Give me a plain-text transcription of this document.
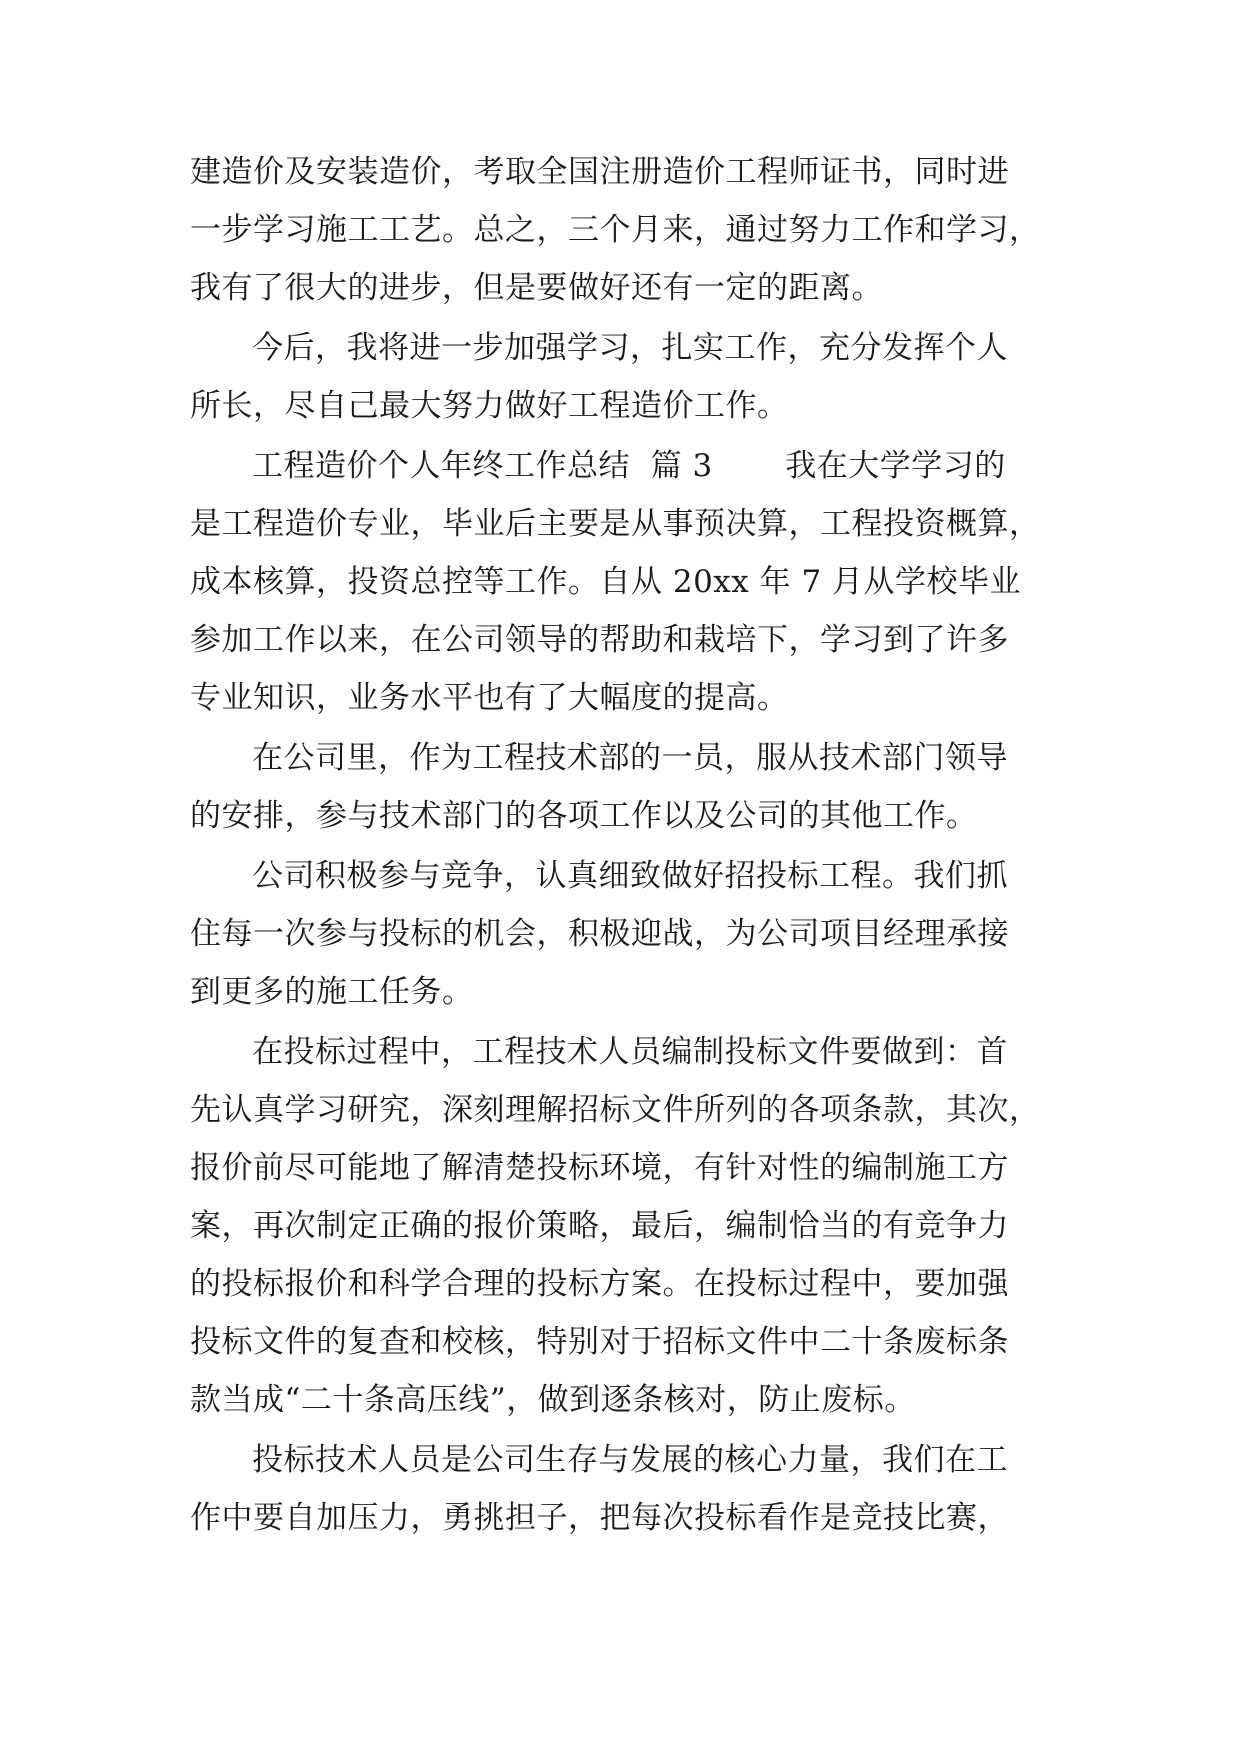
建造价及安装造价，考取全国注册造价工程师证书，同时进
一步学习施工工艺。总之，三个月来，通过努力工作和学习，
我有了很大的进步，但是要做好还有一定的距离。
今后，我将进一步加强学习，扎实工作，充分发挥个人
所长，尽自己最大努力做好工程造价工作。
工程造价个人年终工作总结  篇 3       我在大学学习的
是工程造价专业，毕业后主要是从事预决算，工程投资概算，
成本核算，投资总控等工作。自从 20xx 年 7 月从学校毕业
参加工作以来，在公司领导的帮助和栽培下，学习到了许多
专业知识，业务水平也有了大幅度的提高。
在公司里，作为工程技术部的一员，服从技术部门领导
的安排，参与技术部门的各项工作以及公司的其他工作。
公司积极参与竞争，认真细致做好招投标工程。我们抓
住每一次参与投标的机会，积极迎战，为公司项目经理承接
到更多的施工任务。
在投标过程中，工程技术人员编制投标文件要做到：首
先认真学习研究，深刻理解招标文件所列的各项条款，其次，
报价前尽可能地了解清楚投标环境，有针对性的编制施工方
案，再次制定正确的报价策略，最后，编制恰当的有竞争力
的投标报价和科学合理的投标方案。在投标过程中，要加强
投标文件的复查和校核，特别对于招标文件中二十条废标条
款当成“二十条高压线”，做到逐条核对，防止废标。
投标技术人员是公司生存与发展的核心力量，我们在工
作中要自加压力，勇挑担子，把每次投标看作是竞技比赛，
